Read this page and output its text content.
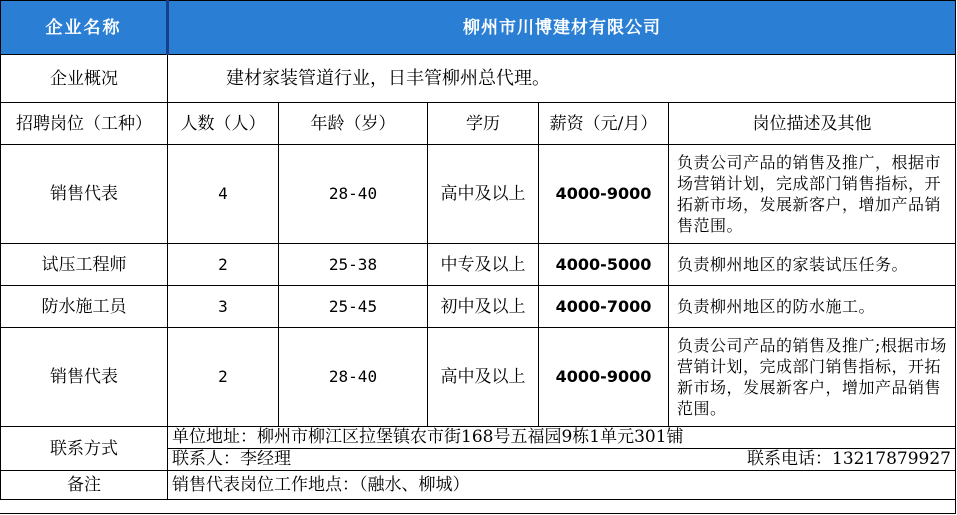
企业名称	柳州市川博建材有限公司				
企业概况	建材家装管道行业，日丰管柳州总代理。				
招聘岗位（工种）	人数（人）	年龄（岁）	学历	薪资（元/月）	岗位描述及其他
销售代表	4	28-40	高中及以上	4000-9000	负责公司产品的销售及推广，根据市场营销计划，完成部门销售指标，开拓新市场，发展新客户，增加产品销售范围。
试压工程师	2	25-38	中专及以上	4000-5000	负责柳州地区的家装试压任务。
防水施工员	3	25-45	初中及以上	4000-7000	负责柳州地区的防水施工。
销售代表	2	28-40	高中及以上	4000-9000	负责公司产品的销售及推广;根据市场营销计划，完成部门销售指标，开拓新市场，发展新客户，增加产品销售范围。
联系方式	单位地址：柳州市柳江区拉堡镇农市街168号五福园9栋1单元301铺
联系人：李经理 联系电话：13217879927				

备注	销售代表岗位工作地点：（融水、柳城）				
